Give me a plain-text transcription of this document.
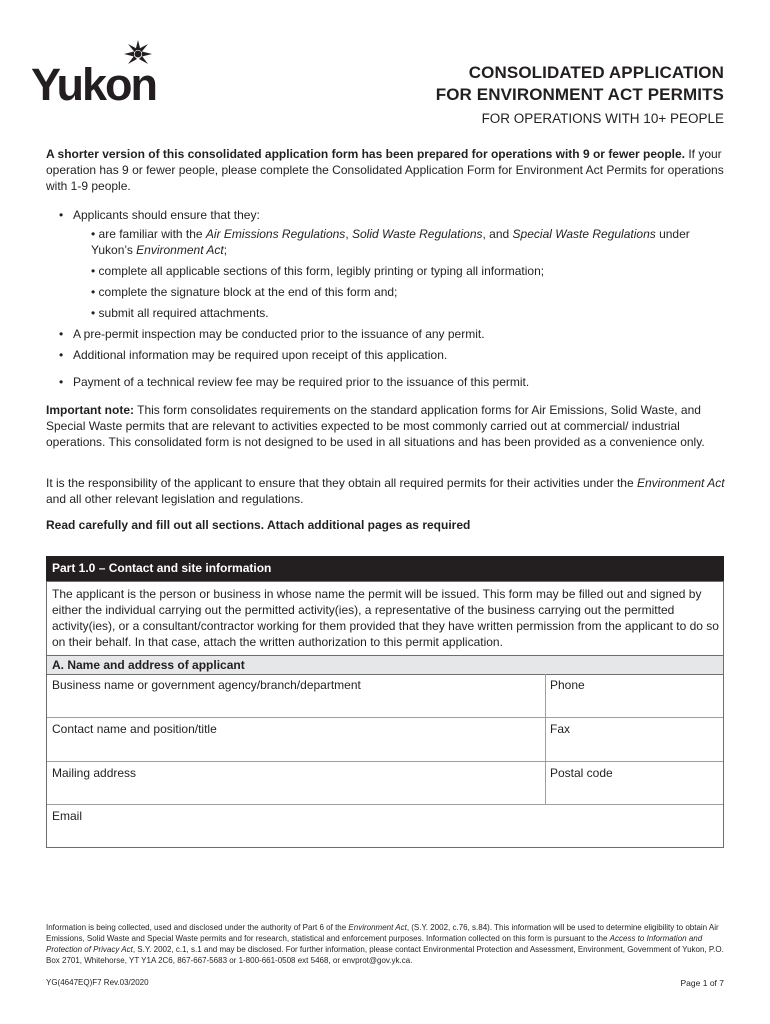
Yukon	CONSOLIDATED APPLICATION
FOR ENVIRONMENT ACT PERMITS
FOR OPERATIONS WITH 10+ PEOPLE
A shorter version of this consolidated application form has been prepared for operations with 9 or fewer people. If your operation has 9 or fewer people, please complete the Consolidated Application Form for Environment Act Permits for operations with 1-9 people.
• Applicants should ensure that they:
• are familiar with the Air Emissions Regulations, Solid Waste Regulations, and Special Waste Regulations under Yukon’s Environment Act;
• complete all applicable sections of this form, legibly printing or typing all information;
• complete the signature block at the end of this form and;
• submit all required attachments.
• A pre-permit inspection may be conducted prior to the issuance of any permit.
• Additional information may be required upon receipt of this application.
• Payment of a technical review fee may be required prior to the issuance of this permit.
Important note: This form consolidates requirements on the standard application forms for Air Emissions, Solid Waste, and Special Waste permits that are relevant to activities expected to be most commonly carried out at commercial/ industrial operations. This consolidated form is not designed to be used in all situations and has been provided as a convenience only.
It is the responsibility of the applicant to ensure that they obtain all required permits for their activities under the Environment Act and all other relevant legislation and regulations.
Read carefully and fill out all sections. Attach additional pages as required
Part 1.0 – Contact and site information
The applicant is the person or business in whose name the permit will be issued. This form may be filled out and signed by either the individual carrying out the permitted activity(ies), a representative of the business carrying out the permitted activity(ies), or a consultant/contractor working for them provided that they have written permission from the applicant to do so on their behalf. In that case, attach the written authorization to this permit application.
A. Name and address of applicant
Business name or government agency/branch/department	Phone
Contact name and position/title	Fax
Mailing address	Postal code
Email
Information is being collected, used and disclosed under the authority of Part 6 of the Environment Act, (S.Y. 2002, c.76, s.84). This information will be used to determine eligibility to obtain Air Emissions, Solid Waste and Special Waste permits and for research, statistical and enforcement purposes. Information collected on this form is pursuant to the Access to Information and Protection of Privacy Act, S.Y. 2002, c.1, s.1 and may be disclosed. For further information, please contact Environmental Protection and Assessment, Environment, Government of Yukon, P.O. Box 2701, Whitehorse, YT Y1A 2C6, 867-667-5683 or 1-800-661-0508 ext 5468, or envprot@gov.yk.ca.
YG(4647EQ)F7 Rev.03/2020	Page 1 of 7
